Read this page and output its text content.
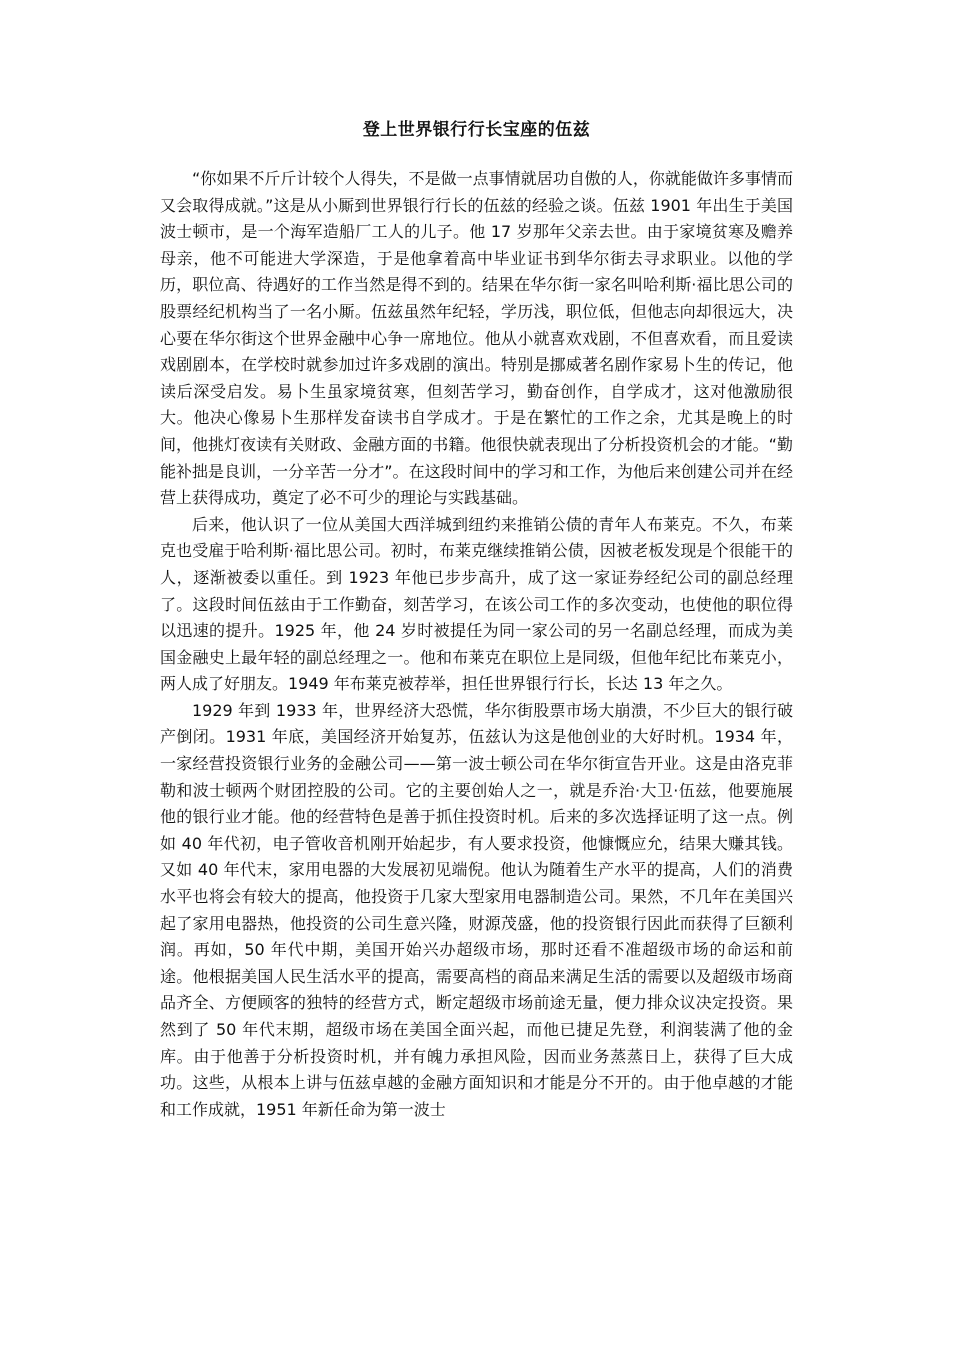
登上世界银行行长宝座的伍兹

“你如果不斤斤计较个人得失，不是做一点事情就居功自傲的人，你就能做许多事情而又会取得成就。”这是从小厮到世界银行行长的伍兹的经验之谈。伍兹 1901 年出生于美国波士顿市，是一个海军造船厂工人的儿子。他 17 岁那年父亲去世。由于家境贫寒及赡养母亲，他不可能进大学深造，于是他拿着高中毕业证书到华尔街去寻求职业。以他的学历，职位高、待遇好的工作当然是得不到的。结果在华尔街一家名叫哈利斯·福比思公司的股票经纪机构当了一名小厮。伍兹虽然年纪轻，学历浅，职位低，但他志向却很远大，决心要在华尔街这个世界金融中心争一席地位。他从小就喜欢戏剧，不但喜欢看，而且爱读戏剧剧本，在学校时就参加过许多戏剧的演出。特别是挪威著名剧作家易卜生的传记，他读后深受启发。易卜生虽家境贫寒，但刻苦学习，勤奋创作，自学成才，这对他激励很大。他决心像易卜生那样发奋读书自学成才。于是在繁忙的工作之余，尤其是晚上的时间，他挑灯夜读有关财政、金融方面的书籍。他很快就表现出了分析投资机会的才能。“勤能补拙是良训，一分辛苦一分才”。在这段时间中的学习和工作，为他后来创建公司并在经营上获得成功，奠定了必不可少的理论与实践基础。

后来，他认识了一位从美国大西洋城到纽约来推销公债的青年人布莱克。不久，布莱克也受雇于哈利斯·福比思公司。初时，布莱克继续推销公债，因被老板发现是个很能干的人，逐渐被委以重任。到 1923 年他已步步高升，成了这一家证券经纪公司的副总经理了。这段时间伍兹由于工作勤奋，刻苦学习，在该公司工作的多次变动，也使他的职位得以迅速的提升。1925 年，他 24 岁时被提任为同一家公司的另一名副总经理，而成为美国金融史上最年轻的副总经理之一。他和布莱克在职位上是同级，但他年纪比布莱克小，两人成了好朋友。1949 年布莱克被荐举，担任世界银行行长，长达 13 年之久。

1929 年到 1933 年，世界经济大恐慌，华尔街股票市场大崩溃，不少巨大的银行破产倒闭。1931 年底，美国经济开始复苏，伍兹认为这是他创业的大好时机。1934 年，一家经营投资银行业务的金融公司——第一波士顿公司在华尔街宣告开业。这是由洛克菲勒和波士顿两个财团控股的公司。它的主要创始人之一，就是乔治·大卫·伍兹，他要施展他的银行业才能。他的经营特色是善于抓住投资时机。后来的多次选择证明了这一点。例如 40 年代初，电子管收音机刚开始起步，有人要求投资，他慷慨应允，结果大赚其钱。又如 40 年代末，家用电器的大发展初见端倪。他认为随着生产水平的提高，人们的消费水平也将会有较大的提高，他投资于几家大型家用电器制造公司。果然，不几年在美国兴起了家用电器热，他投资的公司生意兴隆，财源茂盛，他的投资银行因此而获得了巨额利润。再如，50 年代中期，美国开始兴办超级市场，那时还看不准超级市场的命运和前途。他根据美国人民生活水平的提高，需要高档的商品来满足生活的需要以及超级市场商品齐全、方便顾客的独特的经营方式，断定超级市场前途无量，便力排众议决定投资。果然到了 50 年代末期，超级市场在美国全面兴起，而他已捷足先登，利润装满了他的金库。由于他善于分析投资时机，并有魄力承担风险，因而业务蒸蒸日上，获得了巨大成功。这些，从根本上讲与伍兹卓越的金融方面知识和才能是分不开的。由于他卓越的才能和工作成就，1951 年新任命为第一波士
